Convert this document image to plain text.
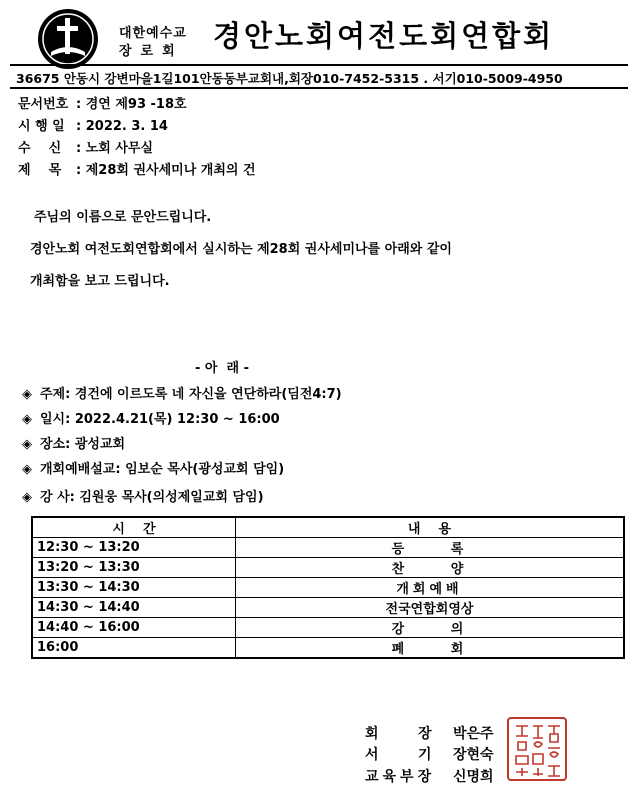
대한예수교
장로회 경안노회여전도회연합회
36675 안동시 강변마을1길101안동동부교회내,회장010-7452-5315 . 서기010-5009-4950
문서번호 : 경연 제93 -18호
시 행 일 : 2022. 3. 14
수    신 : 노회 사무실
제    목 : 제28회 권사세미나 개최의 건
주님의 이름으로 문안드립니다.
경안노회 여전도회연합회에서 실시하는 제28회 권사세미나를 아래와 같이
개최함을 보고 드립니다.
- 아  래 -
◈ 주제: 경건에 이르도록 네 자신을 연단하라(딤전4:7)
◈ 일시: 2022.4.21(목) 12:30 ~ 16:00
◈ 장소: 광성교회
◈ 개회예배설교: 임보순 목사(광성교회 담임)
◈ 강 사: 김원웅 목사(의성제일교회 담임)
시    간	내    용
12:30 ~ 13:20	등     록
13:20 ~ 13:30	찬     양
13:30 ~ 14:30	개회예배
14:30 ~ 14:40	전국연합회영상
14:40 ~ 16:00	강     의
16:00	폐     회
회    장 박은주
서    기 장현숙
교육부장 신명희
